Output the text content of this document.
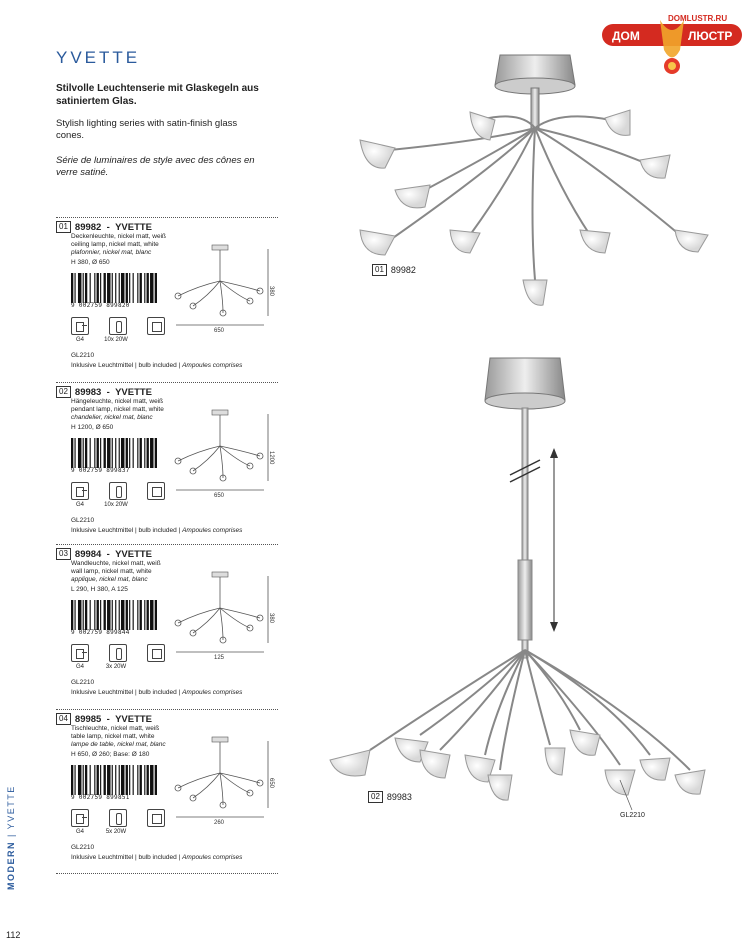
DOMLUSTR.RU
ДОМ	ЛЮСТР
YVETTE
Stilvolle Leuchtenserie mit Glaskegeln aus satiniertem Glas.
Stylish lighting series with satin-finish glass cones.
Série de luminaires de style avec des cônes en verre satiné.
01 89982
-
YVETTE
Deckenleuchte, nickel matt, weiß
ceiling lamp, nickel matt, white
plafonnier, nickel mat, blanc
H 380, Ø 650
9 002759 899820
G4	10x 20W
GL2210
Inklusive Leuchtmittel | bulb included | Ampoules comprises
650
380
02 89983
-
YVETTE
Hängeleuchte, nickel matt, weiß
pendant lamp, nickel matt, white
chandelier, nickel mat, blanc
H 1200, Ø 650
9 002759 899837
G4	10x 20W
GL2210
Inklusive Leuchtmittel | bulb included | Ampoules comprises
650
1200
03 89984
-
YVETTE
Wandleuchte, nickel matt, weiß
wall lamp, nickel matt, white
applique, nickel mat, blanc
L 290, H 380, A 125
9 002759 899844
G4	3x 20W
GL2210
Inklusive Leuchtmittel | bulb included | Ampoules comprises
125
380
04 89985
-
YVETTE
Tischleuchte, nickel matt, weiß
table lamp, nickel matt, white
lampe de table, nickel mat, blanc
H 650, Ø 260; Base: Ø 180
9 002759 899851
G4	5x 20W
GL2210
Inklusive Leuchtmittel | bulb included | Ampoules comprises
260
650
01 89982
02 89983
GL2210
MODERN | YVETTE
112
